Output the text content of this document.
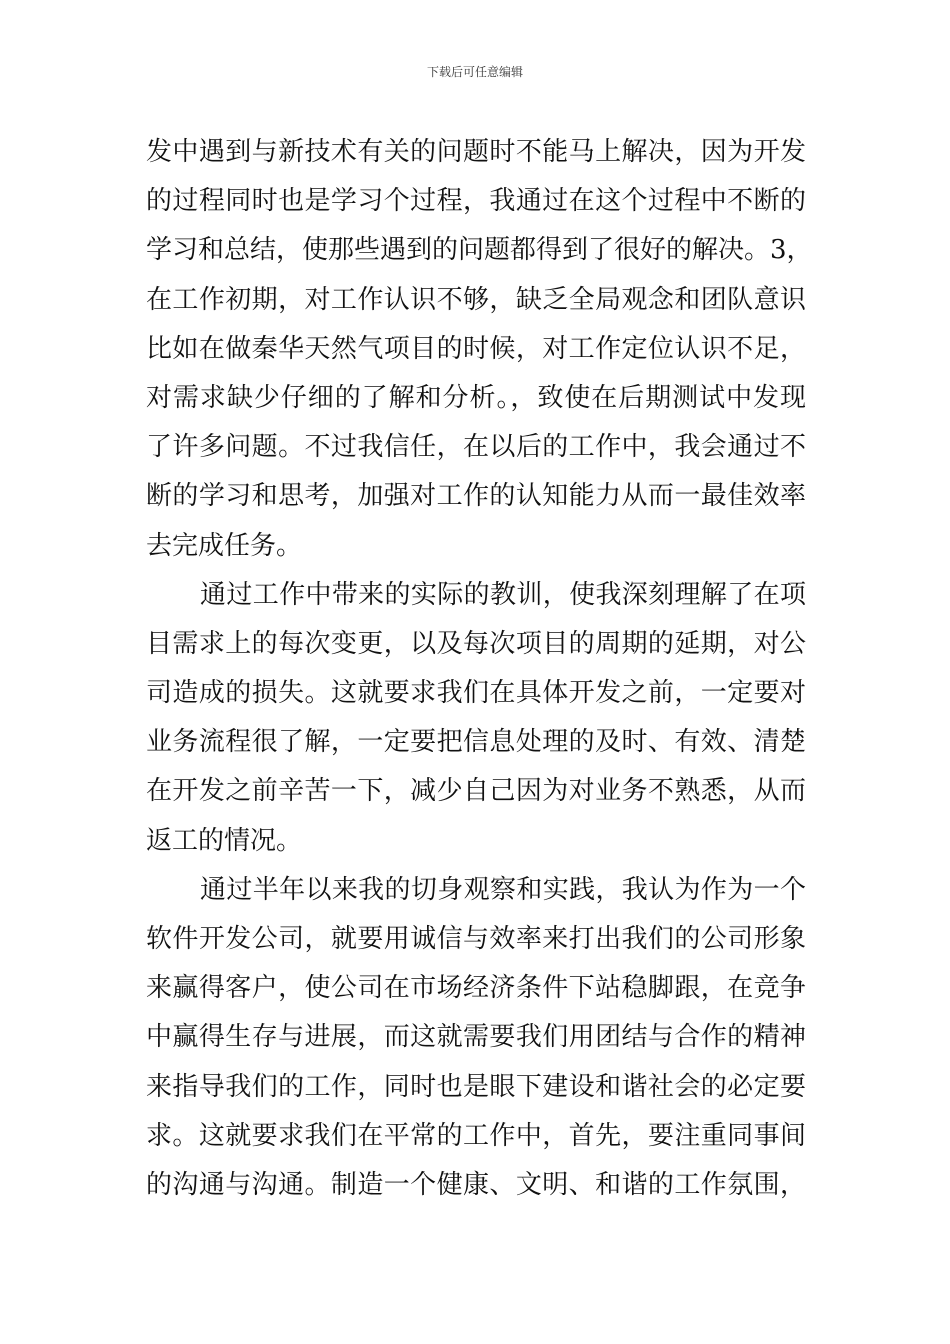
下载后可任意编辑
发中遇到与新技术有关的问题时不能马上解决，因为开发
的过程同时也是学习个过程，我通过在这个过程中不断的
学习和总结，使那些遇到的问题都得到了很好的解决。3，
在工作初期，对工作认识不够，缺乏全局观念和团队意识
比如在做秦华天然气项目的时候，对工作定位认识不足，
对需求缺少仔细的了解和分析。，致使在后期测试中发现
了许多问题。不过我信任，在以后的工作中，我会通过不
断的学习和思考，加强对工作的认知能力从而一最佳效率
去完成任务。
通过工作中带来的实际的教训，使我深刻理解了在项
目需求上的每次变更，以及每次项目的周期的延期，对公
司造成的损失。这就要求我们在具体开发之前，一定要对
业务流程很了解，一定要把信息处理的及时、有效、清楚
在开发之前辛苦一下，减少自己因为对业务不熟悉，从而
返工的情况。
通过半年以来我的切身观察和实践，我认为作为一个
软件开发公司，就要用诚信与效率来打出我们的公司形象
来赢得客户，使公司在市场经济条件下站稳脚跟，在竞争
中赢得生存与进展，而这就需要我们用团结与合作的精神
来指导我们的工作，同时也是眼下建设和谐社会的必定要
求。这就要求我们在平常的工作中，首先，要注重同事间
的沟通与沟通。制造一个健康、文明、和谐的工作氛围，
